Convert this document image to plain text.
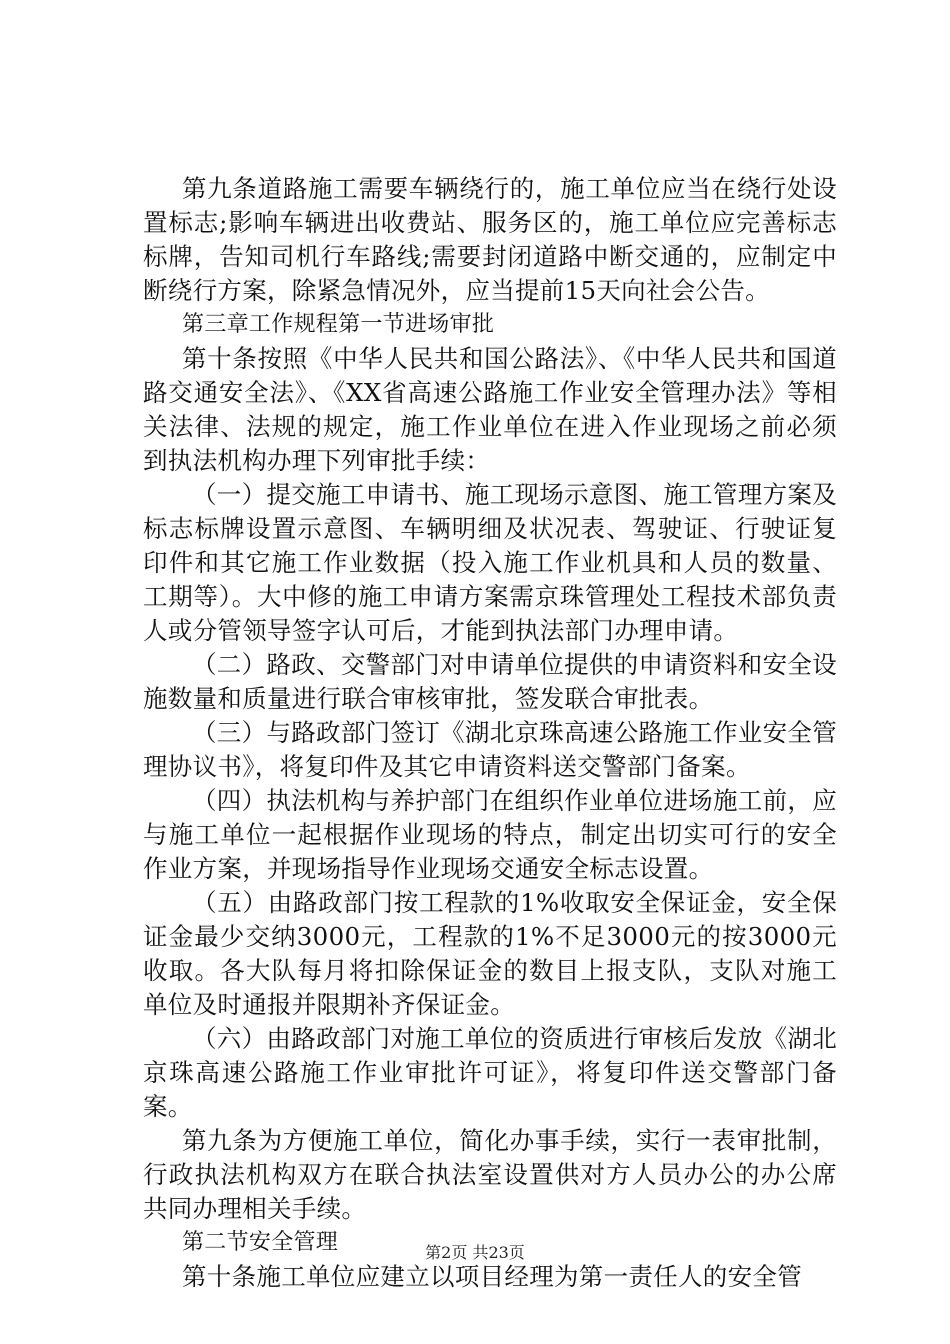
第九条道路施工需要车辆绕行的，施工单位应当在绕行处设置标志;影响车辆进出收费站、服务区的，施工单位应完善标志标牌，告知司机行车路线;需要封闭道路中断交通的，应制定中断绕行方案，除紧急情况外，应当提前15天向社会公告。

第三章工作规程第一节进场审批

第十条按照《中华人民共和国公路法》、《中华人民共和国道路交通安全法》、《XX省高速公路施工作业安全管理办法》等相关法律、法规的规定，施工作业单位在进入作业现场之前必须到执法机构办理下列审批手续：

（一）提交施工申请书、施工现场示意图、施工管理方案及标志标牌设置示意图、车辆明细及状况表、驾驶证、行驶证复印件和其它施工作业数据（投入施工作业机具和人员的数量、工期等）。大中修的施工申请方案需京珠管理处工程技术部负责人或分管领导签字认可后，才能到执法部门办理申请。

（二）路政、交警部门对申请单位提供的申请资料和安全设施数量和质量进行联合审核审批，签发联合审批表。

（三）与路政部门签订《湖北京珠高速公路施工作业安全管理协议书》，将复印件及其它申请资料送交警部门备案。

（四）执法机构与养护部门在组织作业单位进场施工前，应与施工单位一起根据作业现场的特点，制定出切实可行的安全作业方案，并现场指导作业现场交通安全标志设置。

（五）由路政部门按工程款的1%收取安全保证金，安全保证金最少交纳3000元，工程款的1%不足3000元的按3000元收取。各大队每月将扣除保证金的数目上报支队，支队对施工单位及时通报并限期补齐保证金。

（六）由路政部门对施工单位的资质进行审核后发放《湖北京珠高速公路施工作业审批许可证》，将复印件送交警部门备案。

第九条为方便施工单位，简化办事手续，实行一表审批制，行政执法机构双方在联合执法室设置供对方人员办公的办公席共同办理相关手续。

第二节安全管理

第十条施工单位应建立以项目经理为第一责任人的安全管

第2页 共23页
